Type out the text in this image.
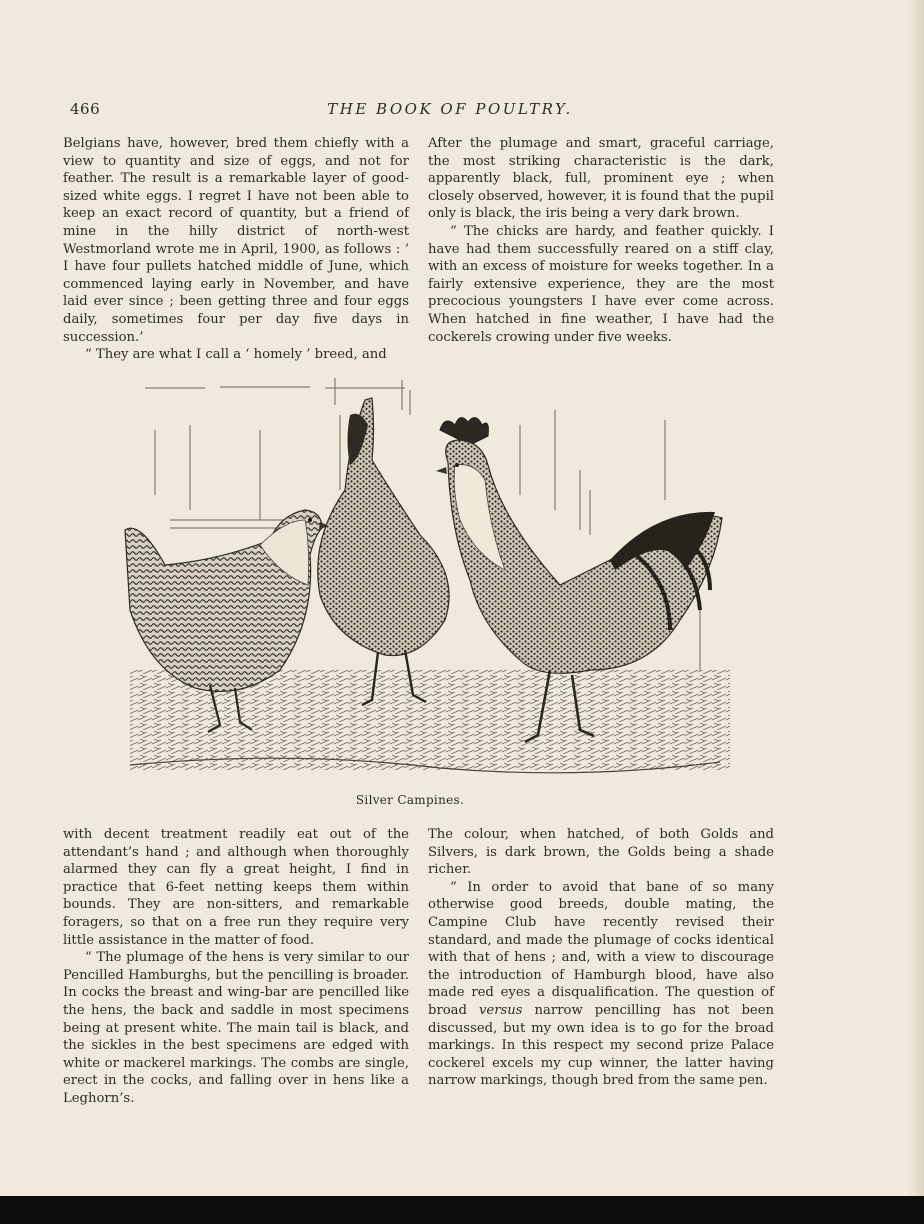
466	THE BOOK OF POULTRY.

Belgians have, however, bred them chiefly with a view to quantity and size of eggs, and not for feather. The result is a remarkable layer of good-sized white eggs. I regret I have not been able to keep an exact record of quantity, but a friend of mine in the hilly district of north-west Westmorland wrote me in April, 1900, as follows : ‘ I have four pullets hatched middle of June, which commenced laying early in November, and have laid ever since ; been getting three and four eggs daily, sometimes four per day five days in succession.’

“ They are what I call a ‘ homely ’ breed, and

After the plumage and smart, graceful carriage, the most striking characteristic is the dark, apparently black, full, prominent eye ; when closely observed, however, it is found that the pupil only is black, the iris being a very dark brown.

“ The chicks are hardy, and feather quickly. I have had them successfully reared on a stiff clay, with an excess of moisture for weeks together. In a fairly extensive experience, they are the most precocious youngsters I have ever come across. When hatched in fine weather, I have had the cockerels crowing under five weeks.

Silver Campines.

with decent treatment readily eat out of the attendant’s hand ; and although when thoroughly alarmed they can fly a great height, I find in practice that 6-feet netting keeps them within bounds. They are non-sitters, and remarkable foragers, so that on a free run they require very little assistance in the matter of food.

“ The plumage of the hens is very similar to our Pencilled Hamburghs, but the pencilling is broader. In cocks the breast and wing-bar are pencilled like the hens, the back and saddle in most specimens being at present white. The main tail is black, and the sickles in the best specimens are edged with white or mackerel markings. The combs are single, erect in the cocks, and falling over in hens like a Leghorn’s.

The colour, when hatched, of both Golds and Silvers, is dark brown, the Golds being a shade richer.

“ In order to avoid that bane of so many otherwise good breeds, double mating, the Campine Club have recently revised their standard, and made the plumage of cocks identical with that of hens ; and, with a view to discourage the introduction of Hamburgh blood, have also made red eyes a disqualification. The question of broad versus narrow pencilling has not been discussed, but my own idea is to go for the broad markings. In this respect my second prize Palace cockerel excels my cup winner, the latter having narrow markings, though bred from the same pen.
